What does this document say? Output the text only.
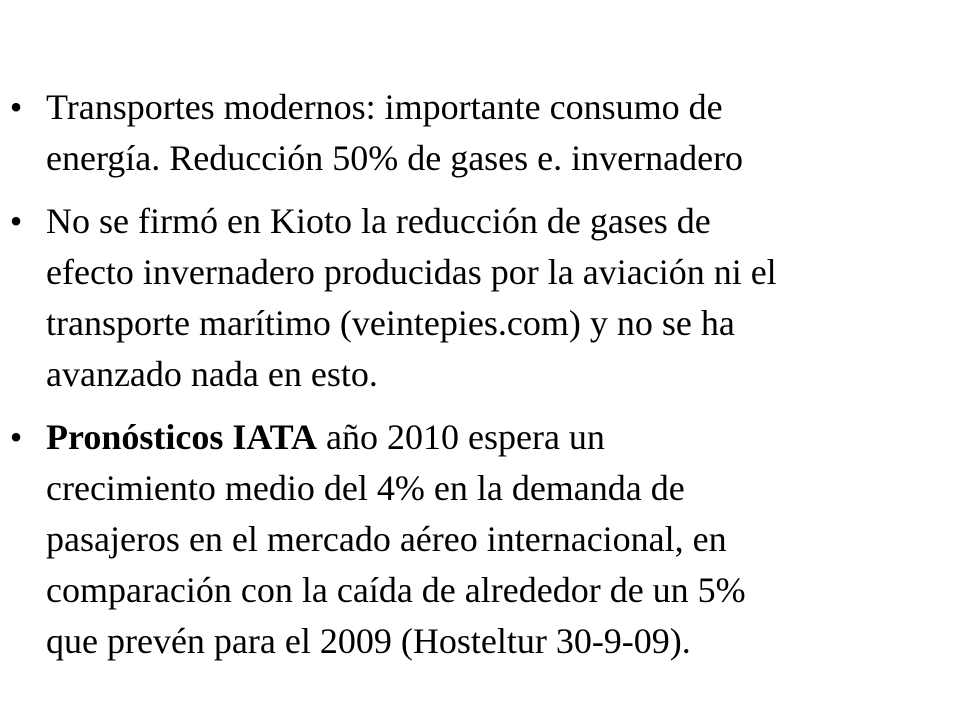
• Transportes modernos: importante consumo de
energía. Reducción 50% de gases e. invernadero
• No se firmó en Kioto la reducción de gases de
efecto invernadero producidas por la aviación ni el
transporte marítimo (veintepies.com) y no se ha
avanzado nada en esto.
• Pronósticos IATA año 2010 espera un
crecimiento medio del 4% en la demanda de
pasajeros en el mercado aéreo internacional, en
comparación con la caída de alrededor de un 5%
que prevén para el 2009 (Hosteltur 30-9-09).
